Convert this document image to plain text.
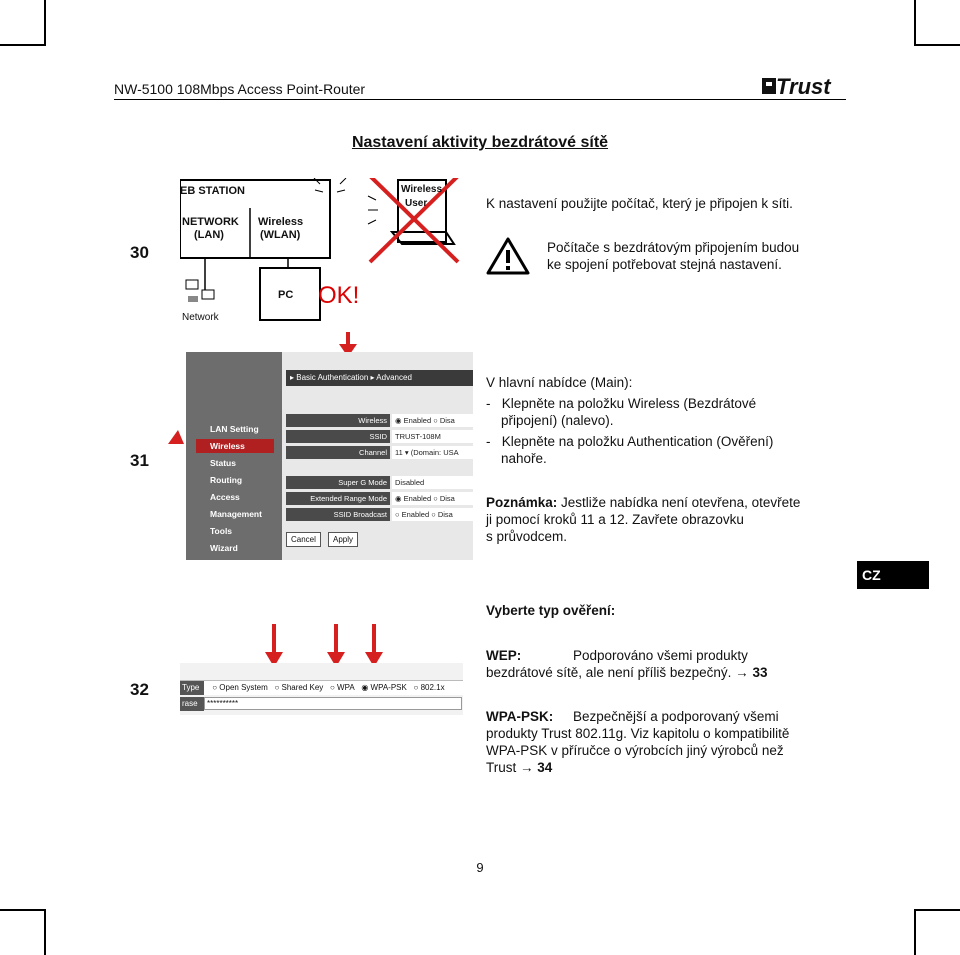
NW-5100 108Mbps Access Point-Router	Trust
Nastavení aktivity bezdrátové sítě
30
EB STATION
NETWORK
(LAN)
Wireless
(WLAN)
Wireless
User
PC
Network
OK!
K nastavení použijte počítač, který je připojen k síti.
Počítače s bezdrátovým připojením budou
ke spojení potřebovat stejná nastavení.
31
▸ Basic Authentication ▸ Advanced
LAN Setting
Wireless
Status
Routing
Access
Management
Tools
Wizard
Wireless	◉ Enabled ○ Disa
SSID	TRUST-108M
Channel	11 ▾ (Domain: USA
Super G Mode	Disabled
Extended Range Mode	◉ Enabled ○ Disa
SSID Broadcast	○ Enabled ○ Disa
Cancel	Apply
V hlavní nabídce (Main):
-   Klepněte na položku Wireless (Bezdrátové
připojení) (nalevo).
-   Klepněte na položku Authentication (Ověření)
nahoře.
Poznámka: Jestliže nabídka není otevřena, otevřete
ji pomocí kroků 11 a 12. Zavřete obrazovku
s průvodcem.
CZ
Vyberte typ ověření:
32	Type ○ Open System ○ Shared Key ○ WPA ◉ WPA-PSK ○ 802.1x
rase	**********
WEP:	Podporováno všemi produkty
bezdrátové sítě, ale není příliš bezpečný. → 33
WPA-PSK: Bezpečnější a podporovaný všemi
produkty Trust 802.11g. Viz kapitolu o kompatibilitě
WPA-PSK v příručce o výrobcích jiný výrobců než
Trust → 34
9
